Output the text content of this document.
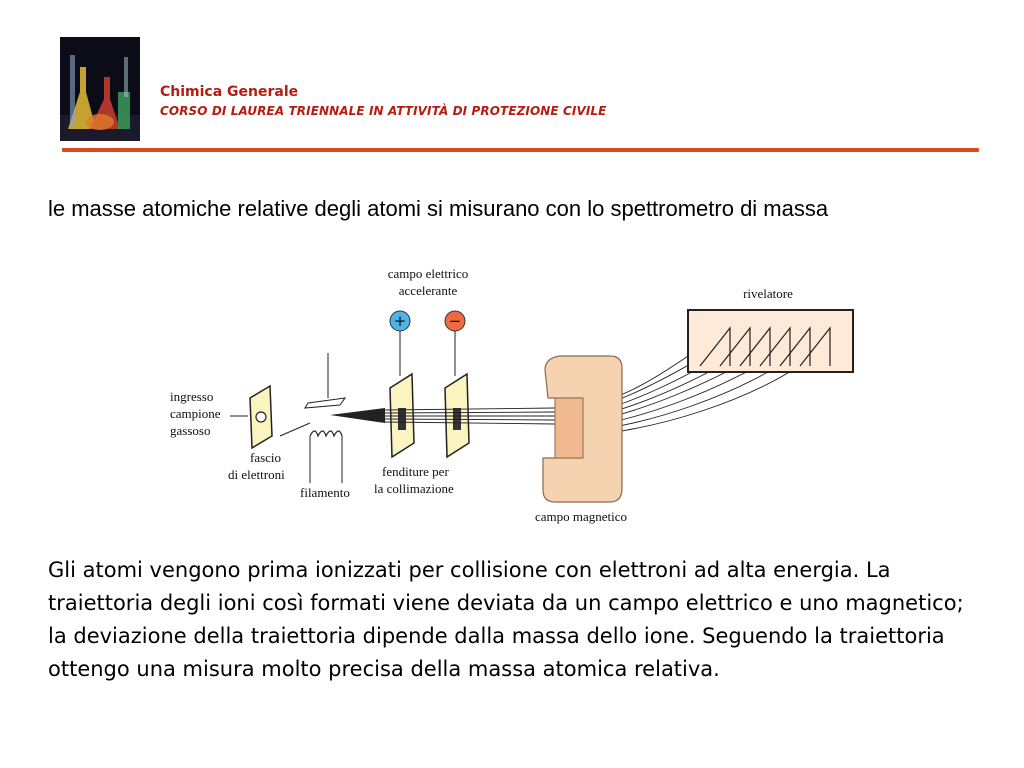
Chimica Generale
CORSO DI LAUREA TRIENNALE IN ATTIVITÀ DI PROTEZIONE CIVILE
le masse atomiche relative degli atomi si misurano con lo spettrometro di massa
campo elettrico
accelerante	rivelatore
+	−
ingresso
campione
gassoso
fascio
di elettroni
filamento
fenditure per
la collimazione
campo magnetico
Gli atomi vengono prima ionizzati per collisione con elettroni ad alta energia. La traiettoria degli ioni così formati viene deviata da un campo elettrico e uno magnetico; la deviazione della traiettoria dipende dalla massa dello ione. Seguendo la traiettoria ottengo una misura molto precisa della massa atomica relativa.
